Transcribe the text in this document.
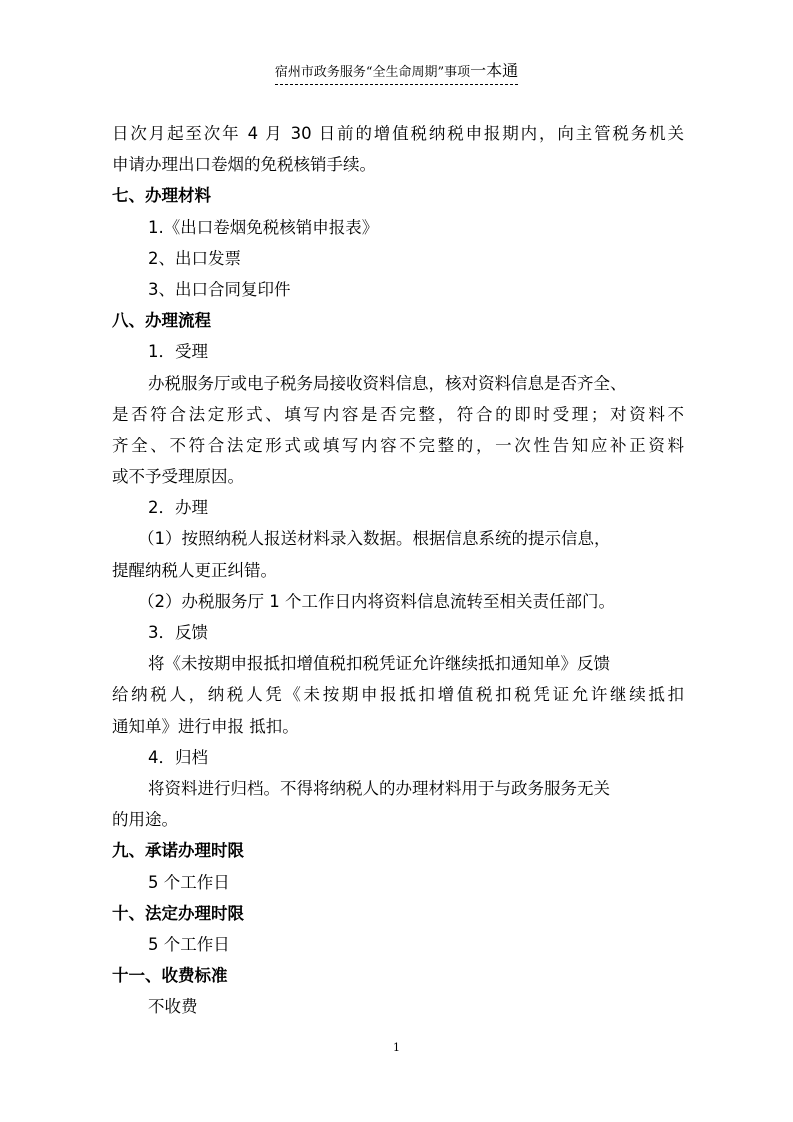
宿州市政务服务“全生命周期”事项一本通
日次月起至次年 4 月 30 日前的增值税纳税申报期内，向主管税务机关
申请办理出口卷烟的免税核销手续。
七、办理材料
1.《出口卷烟免税核销申报表》
2、出口发票
3、出口合同复印件
八、办理流程
1．受理
办税服务厅或电子税务局接收资料信息，核对资料信息是否齐全、
是否符合法定形式、填写内容是否完整，符合的即时受理；对资料不
齐全、不符合法定形式或填写内容不完整的，一次性告知应补正资料
或不予受理原因。
2．办理
（1）按照纳税人报送材料录入数据。根据信息系统的提示信息，
提醒纳税人更正纠错。
（2）办税服务厅 1 个工作日内将资料信息流转至相关责任部门。
3．反馈
将《未按期申报抵扣增值税扣税凭证允许继续抵扣通知单》反馈
给纳税人，纳税人凭《未按期申报抵扣增值税扣税凭证允许继续抵扣
通知单》进行申报 抵扣。
4．归档
将资料进行归档。不得将纳税人的办理材料用于与政务服务无关
的用途。
九、承诺办理时限
5 个工作日
十、法定办理时限
5 个工作日
十一、收费标准
不收费
1
